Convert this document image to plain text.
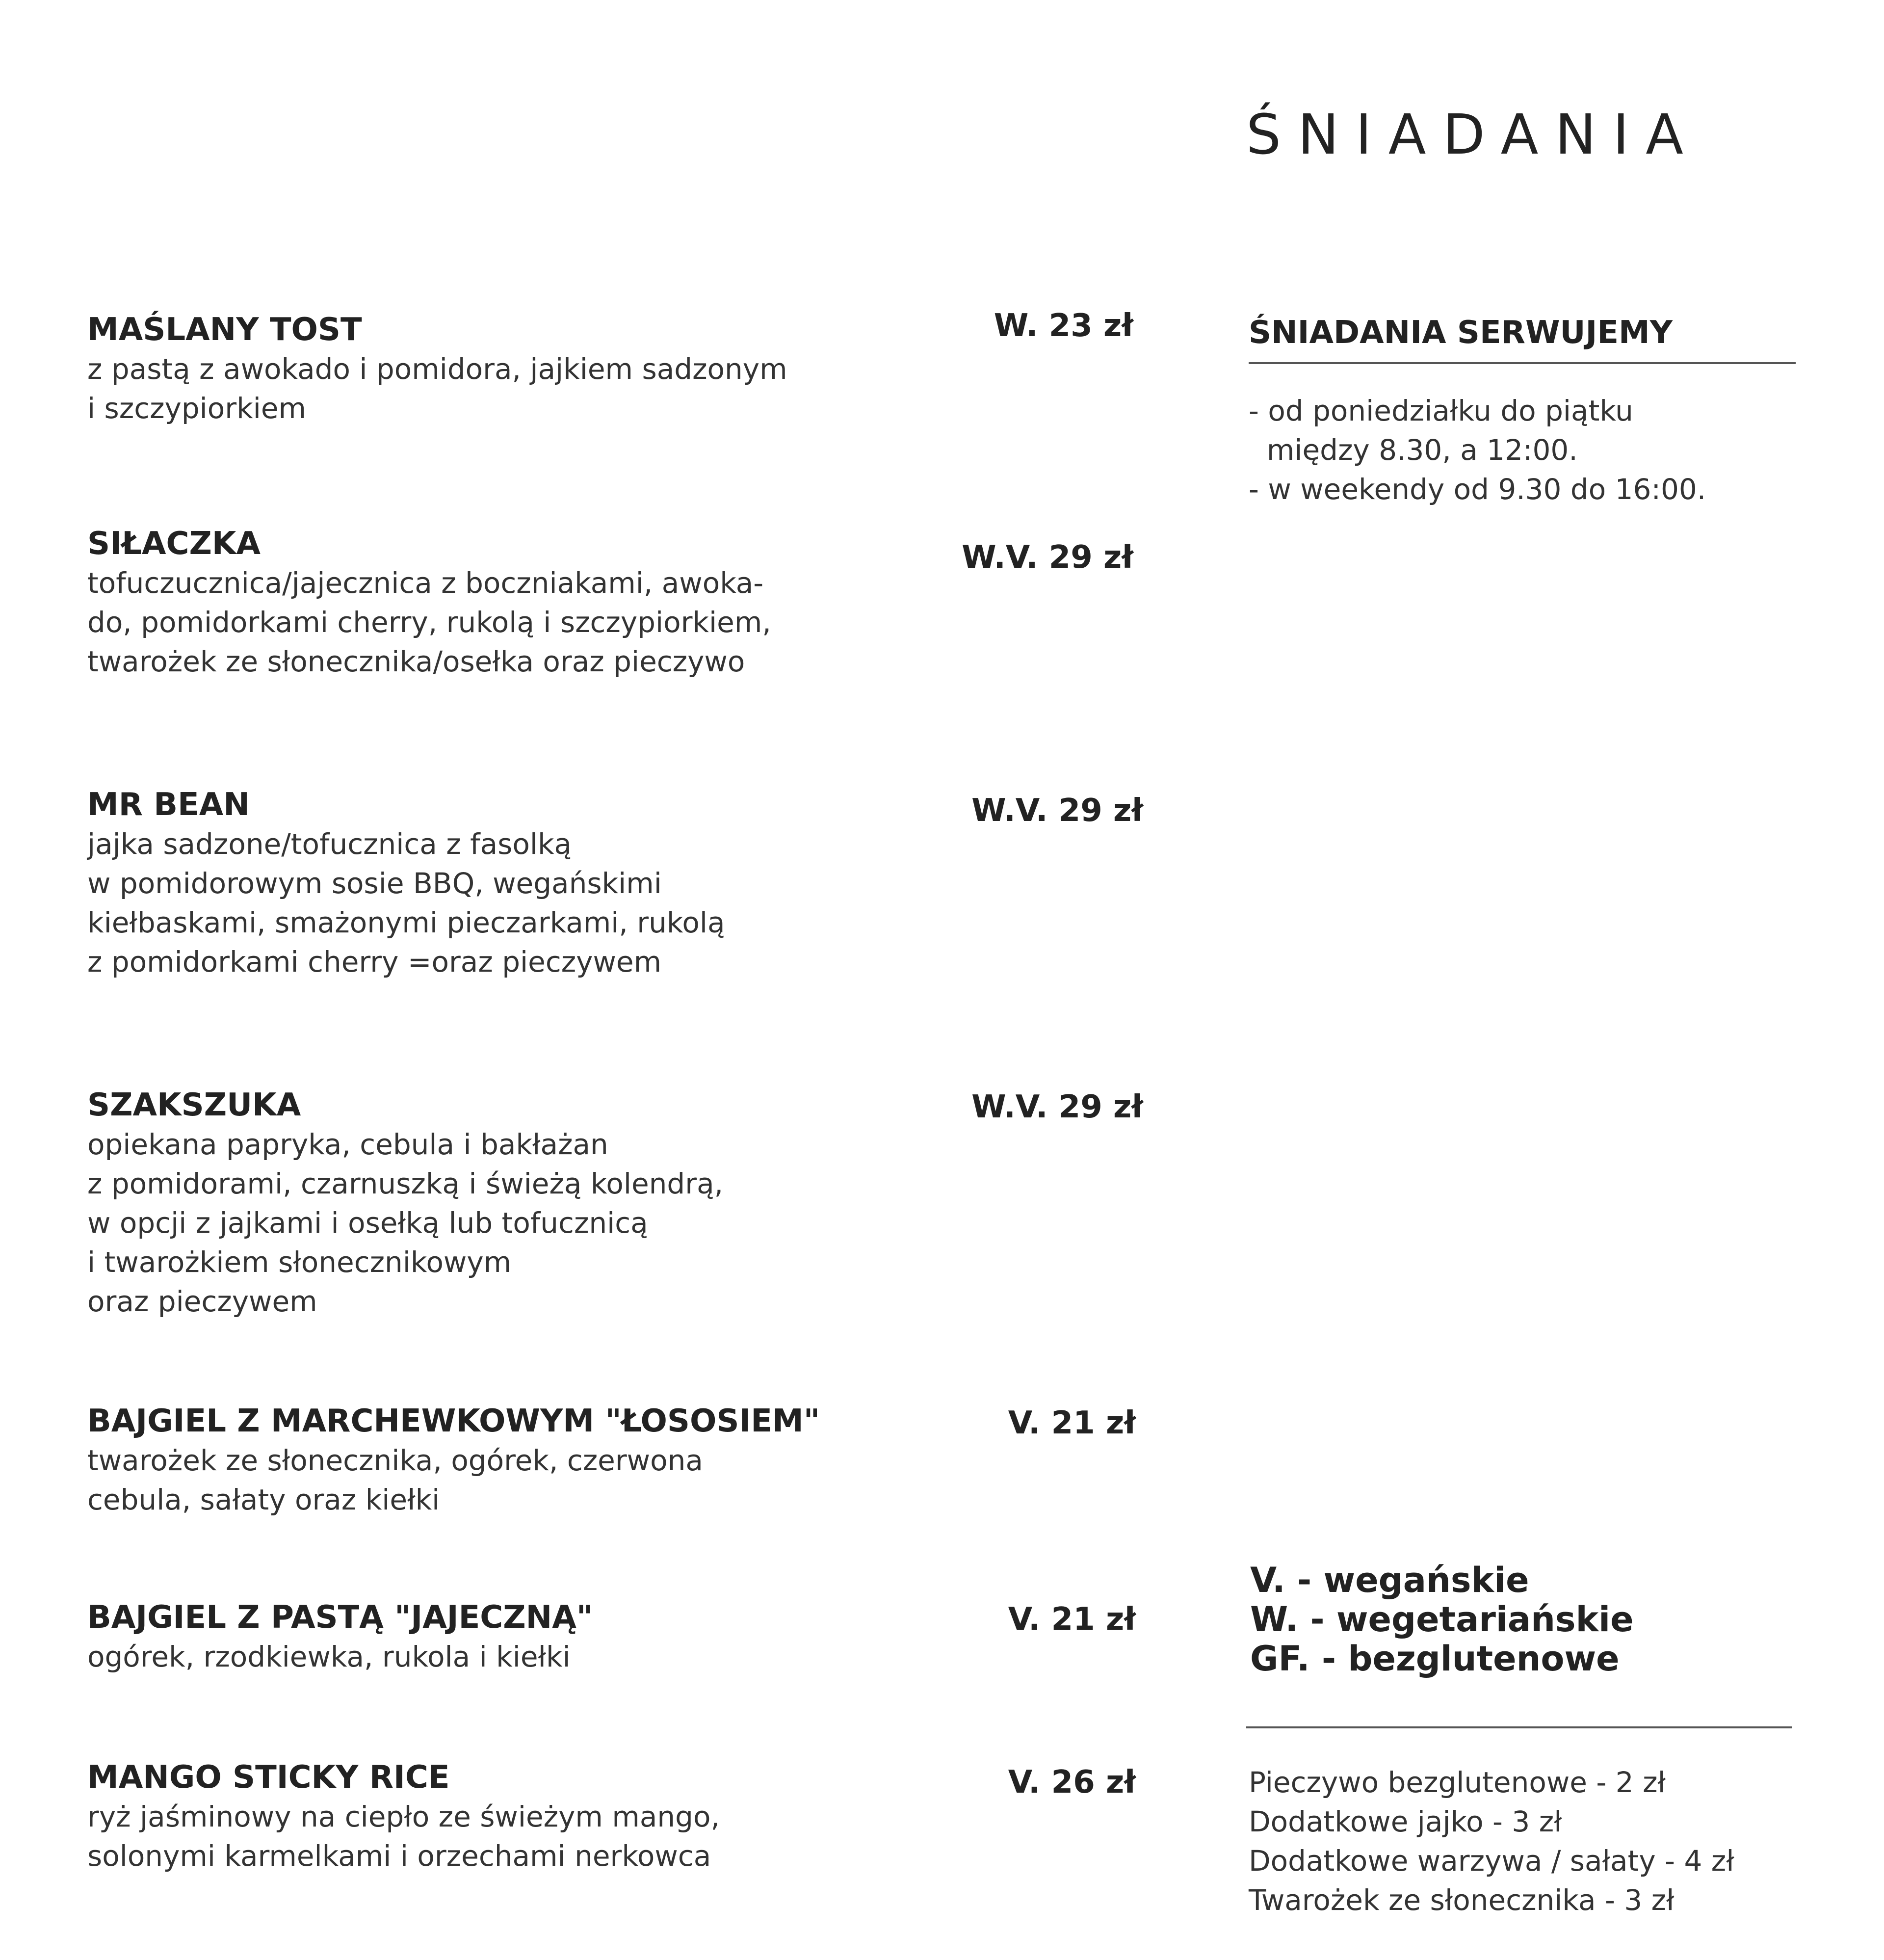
ŚNIADANIA
MAŚLANY TOST
z pastą z awokado i pomidora, jajkiem sadzonym
i szczypiorkiem
W. 23 zł
SIŁACZKA
tofuczucznica/jajecznica z boczniakami, awoka-
do, pomidorkami cherry, rukolą i szczypiorkiem,
twarożek ze słonecznika/osełka oraz pieczywo
W.V. 29 zł
MR BEAN
jajka sadzone/tofucznica z fasolką
w pomidorowym sosie BBQ, wegańskimi
kiełbaskami, smażonymi pieczarkami, rukolą
z pomidorkami cherry =oraz pieczywem
W.V. 29 zł
SZAKSZUKA
opiekana papryka, cebula i bakłażan
z pomidorami, czarnuszką i świeżą kolendrą,
w opcji z jajkami i osełką lub tofucznicą
i twarożkiem słonecznikowym
oraz pieczywem
W.V. 29 zł
BAJGIEL Z MARCHEWKOWYM "ŁOSOSIEM"
twarożek ze słonecznika, ogórek, czerwona
cebula, sałaty oraz kiełki
V. 21 zł
BAJGIEL Z PASTĄ "JAJECZNĄ"
ogórek, rzodkiewka, rukola i kiełki
V. 21 zł
MANGO STICKY RICE
ryż jaśminowy na ciepło ze świeżym mango,
solonymi karmelkami i orzechami nerkowca
V. 26 zł
ŚNIADANIA SERWUJEMY
- od poniedziałku do piątku
między 8.30, a 12:00.
- w weekendy od 9.30 do 16:00.
V. - wegańskie
W. - wegetariańskie
GF. - bezglutenowe
Pieczywo bezglutenowe - 2 zł
Dodatkowe jajko - 3 zł
Dodatkowe warzywa / sałaty - 4 zł
Twarożek ze słonecznika - 3 zł
